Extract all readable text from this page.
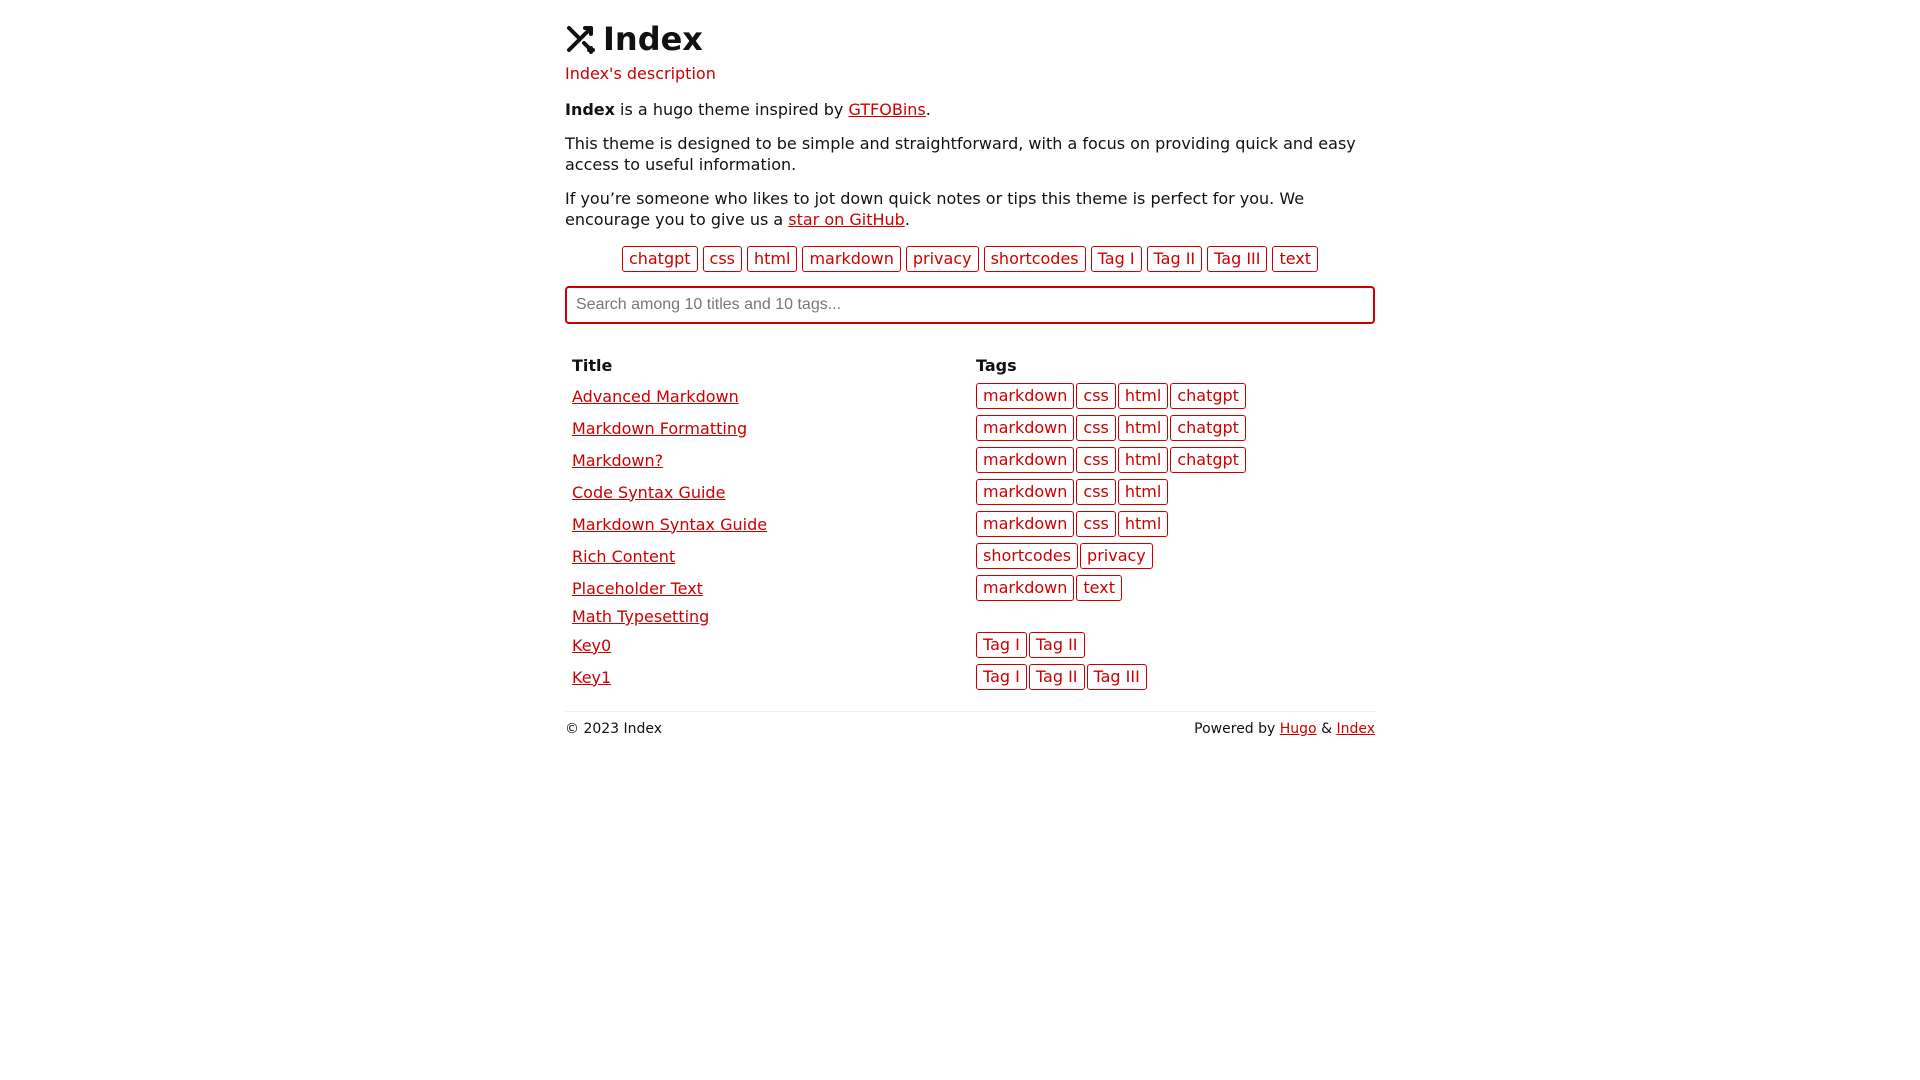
Index
Index's description

Index is a hugo theme inspired by GTFOBins.

This theme is designed to be simple and straightforward, with a focus on providing quick and easy access to useful information.

If you’re someone who likes to jot down quick notes or tips this theme is perfect for you. We encourage you to give us a star on GitHub.

chatgpt	css	html	markdown	privacy	shortcodes	Tag I	Tag II	Tag III	text
Search among 10 titles and 10 tags...
Title	Tags
Advanced Markdown	markdown css html chatgpt
Markdown Formatting	markdown css html chatgpt
Markdown?	markdown css html chatgpt
Code Syntax Guide	markdown css html
Markdown Syntax Guide	markdown css html
Rich Content	shortcodes privacy
Placeholder Text	markdown text
Math Typesetting	
Key0	Tag I Tag II
Key1	Tag I Tag II Tag III
© 2023 Index	Powered by Hugo & Index
